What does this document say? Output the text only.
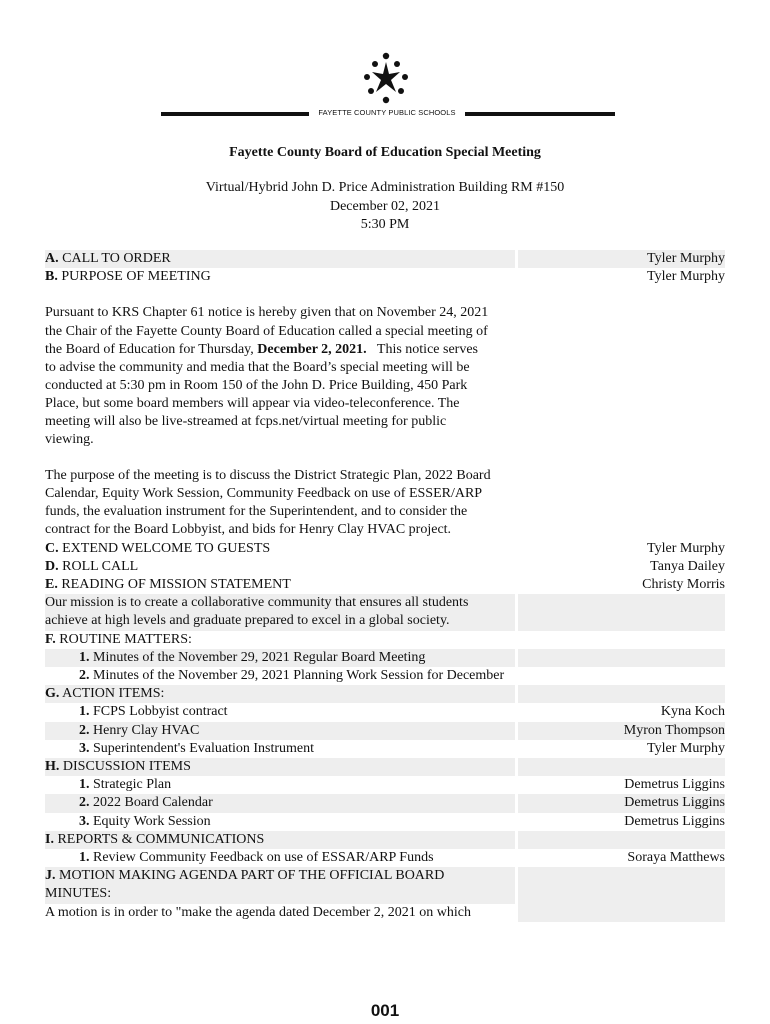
FAYETTE COUNTY PUBLIC SCHOOLS
Fayette County Board of Education Special Meeting
Virtual/Hybrid John D. Price Administration Building RM #150
December 02, 2021
5:30 PM
A. CALL TO ORDER	Tyler Murphy
B. PURPOSE OF MEETING	Tyler Murphy
Pursuant to KRS Chapter 61 notice is hereby given that on November 24, 2021 the Chair of the Fayette County Board of Education called a special meeting of the Board of Education for Thursday, December 2, 2021.   This notice serves to advise the community and media that the Board’s special meeting will be conducted at 5:30 pm in Room 150 of the John D. Price Building, 450 Park Place, but some board members will appear via video-teleconference. The meeting will also be live-streamed at fcps.net/virtual meeting for public viewing.
The purpose of the meeting is to discuss the District Strategic Plan, 2022 Board Calendar, Equity Work Session, Community Feedback on use of ESSER/ARP funds, the evaluation instrument for the Superintendent, and to consider the contract for the Board Lobbyist, and bids for Henry Clay HVAC project.
C. EXTEND WELCOME TO GUESTS	Tyler Murphy
D. ROLL CALL	Tanya Dailey
E. READING OF MISSION STATEMENT	Christy Morris
Our mission is to create a collaborative community that ensures all students achieve at high levels and graduate prepared to excel in a global society.
F. ROUTINE MATTERS:
1. Minutes of the November 29, 2021 Regular Board Meeting
2. Minutes of the November 29, 2021 Planning Work Session for December
G. ACTION ITEMS:
1. FCPS Lobbyist contract	Kyna Koch
2. Henry Clay HVAC	Myron Thompson
3. Superintendent's Evaluation Instrument	Tyler Murphy
H. DISCUSSION ITEMS
1. Strategic Plan	Demetrus Liggins
2. 2022 Board Calendar	Demetrus Liggins
3. Equity Work Session	Demetrus Liggins
I. REPORTS & COMMUNICATIONS
1. Review Community Feedback on use of ESSAR/ARP Funds	Soraya Matthews
J. MOTION MAKING AGENDA PART OF THE OFFICIAL BOARD MINUTES:
A motion is in order to "make the agenda dated December 2, 2021 on which
001
